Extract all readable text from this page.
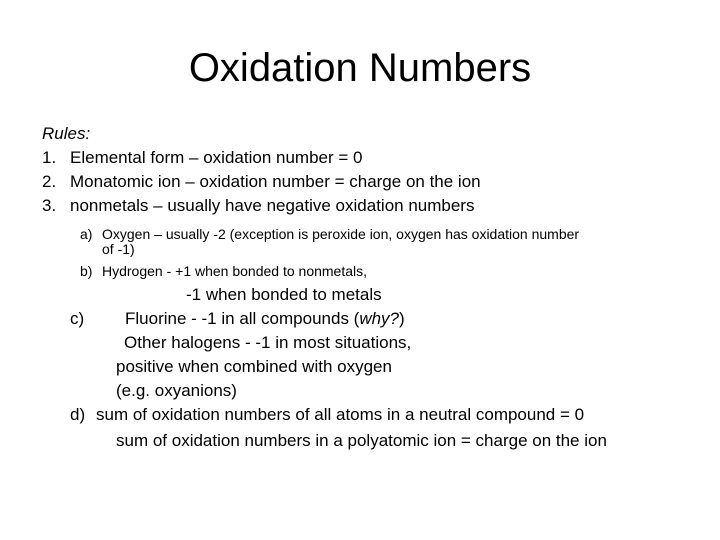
Oxidation Numbers
Rules:
1. Elemental form – oxidation number = 0
2. Monatomic ion – oxidation number = charge on the ion
3. nonmetals – usually have negative oxidation numbers
a) Oxygen – usually -2 (exception is peroxide ion, oxygen has oxidation number
of -1)
b) Hydrogen - +1 when bonded to nonmetals,
-1 when bonded to metals
c) Fluorine - -1 in all compounds (why?)
Other halogens - -1 in most situations,
positive when combined with oxygen
(e.g. oxyanions)
d) sum of oxidation numbers of all atoms in a neutral compound = 0
sum of oxidation numbers in a polyatomic ion = charge on the ion
